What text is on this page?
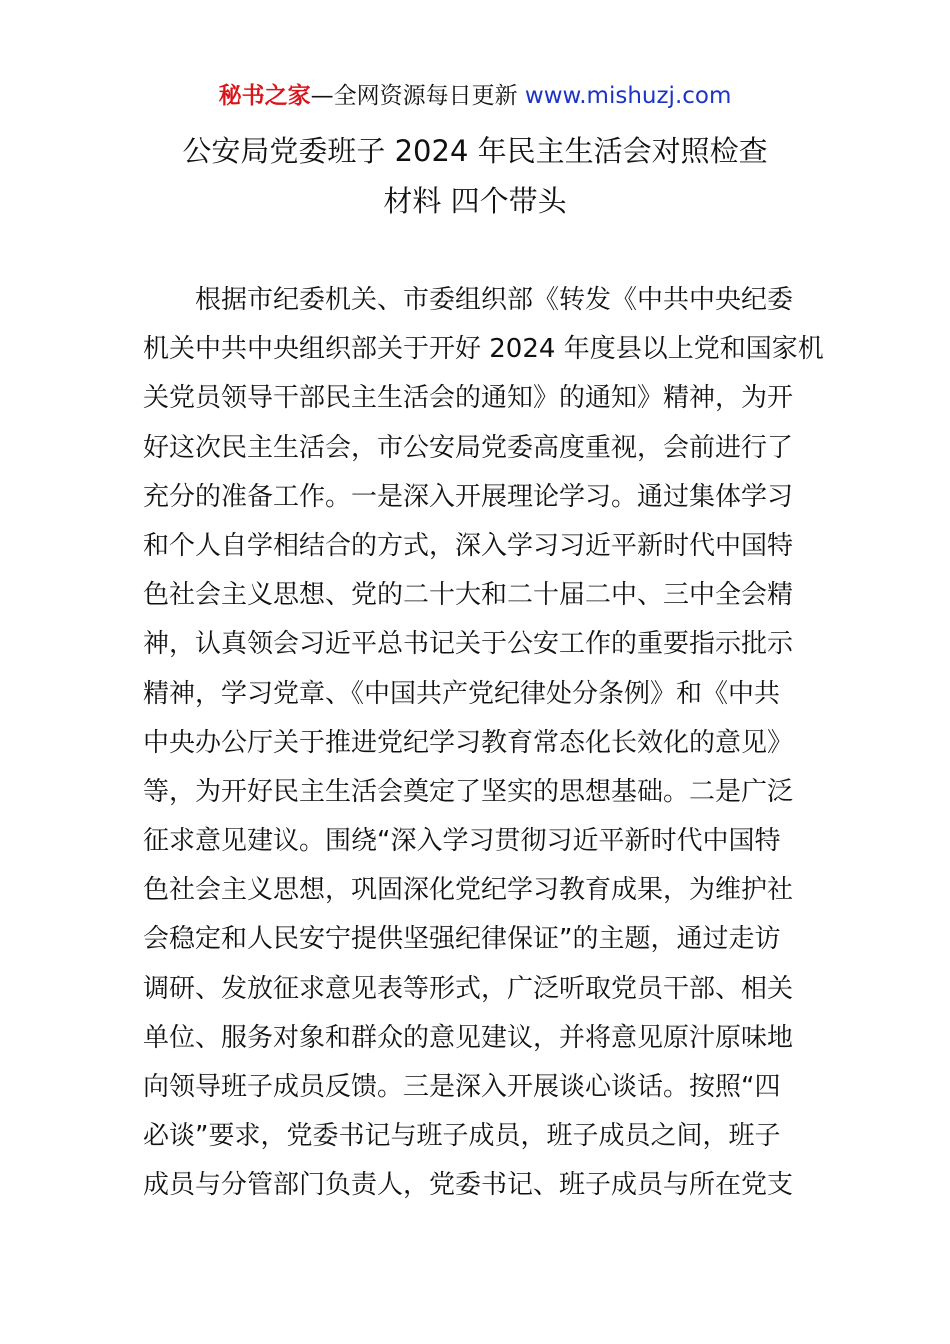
秘书之家—全网资源每日更新 www.mishuzj.com
公安局党委班子 2024 年民主生活会对照检查
材料 四个带头
　　根据市纪委机关、市委组织部《转发《中共中央纪委
机关中共中央组织部关于开好 2024 年度县以上党和国家机
关党员领导干部民主生活会的通知》的通知》精神，为开
好这次民主生活会，市公安局党委高度重视，会前进行了
充分的准备工作。一是深入开展理论学习。通过集体学习
和个人自学相结合的方式，深入学习习近平新时代中国特
色社会主义思想、党的二十大和二十届二中、三中全会精
神，认真领会习近平总书记关于公安工作的重要指示批示
精神，学习党章、《中国共产党纪律处分条例》和《中共
中央办公厅关于推进党纪学习教育常态化长效化的意见》
等，为开好民主生活会奠定了坚实的思想基础。二是广泛
征求意见建议。围绕“深入学习贯彻习近平新时代中国特
色社会主义思想，巩固深化党纪学习教育成果，为维护社
会稳定和人民安宁提供坚强纪律保证”的主题，通过走访
调研、发放征求意见表等形式，广泛听取党员干部、相关
单位、服务对象和群众的意见建议，并将意见原汁原味地
向领导班子成员反馈。三是深入开展谈心谈话。按照“四
必谈”要求，党委书记与班子成员，班子成员之间，班子
成员与分管部门负责人，党委书记、班子成员与所在党支
